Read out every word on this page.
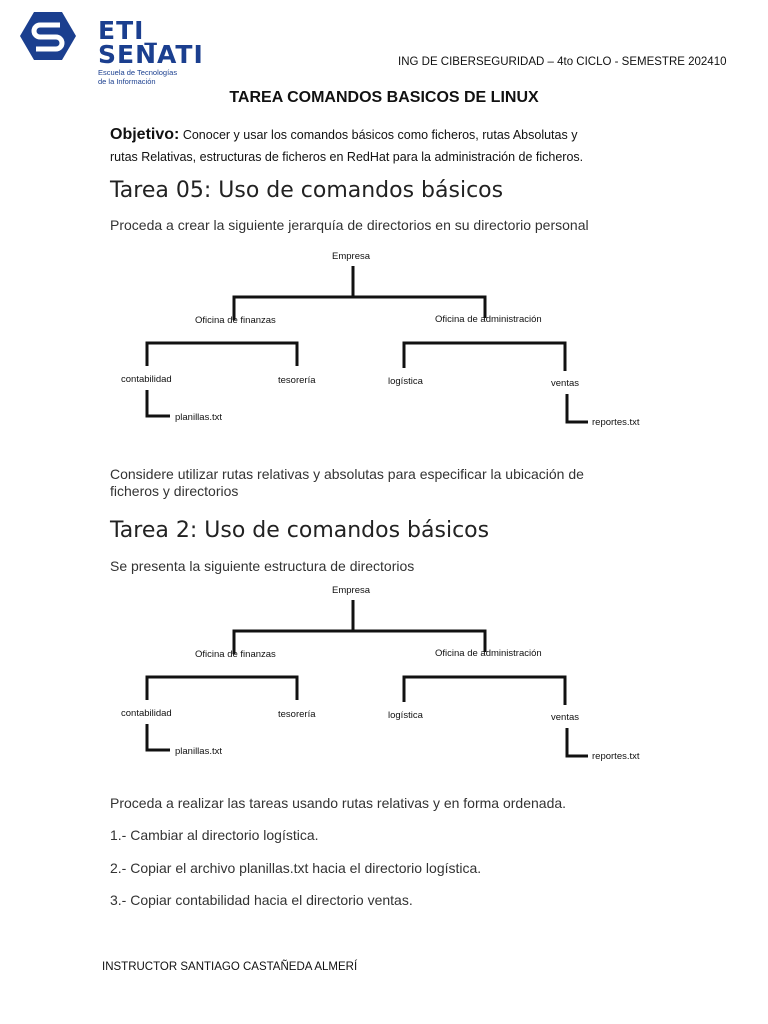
ETI_
SENATI
Escuela de Tecnologías
de la Información
ING DE CIBERSEGURIDAD – 4to CICLO - SEMESTRE 202410
TAREA COMANDOS BASICOS DE LINUX
Objetivo: Conocer y usar los comandos básicos como ficheros, rutas Absolutas y
rutas Relativas, estructuras de ficheros en RedHat para la administración de ficheros.
Tarea 05: Uso de comandos básicos
Proceda a crear la siguiente jerarquía de directorios en su directorio personal
Empresa
Oficina de finanzas	Oficina de administración
contabilidad	tesorería	logística	ventas
planillas.txt	reportes.txt
Considere utilizar rutas relativas y absolutas para especificar la ubicación de ficheros y directorios
Tarea 2: Uso de comandos básicos
Se presenta la siguiente estructura de directorios
Empresa
Oficina de finanzas	Oficina de administración
contabilidad	tesorería	logística	ventas
planillas.txt	reportes.txt
Proceda a realizar las tareas usando rutas relativas y en forma ordenada.
1.- Cambiar al directorio logística.
2.- Copiar el archivo planillas.txt hacia el directorio logística.
3.- Copiar contabilidad hacia el directorio ventas.
INSTRUCTOR SANTIAGO CASTAÑEDA ALMERÍ
